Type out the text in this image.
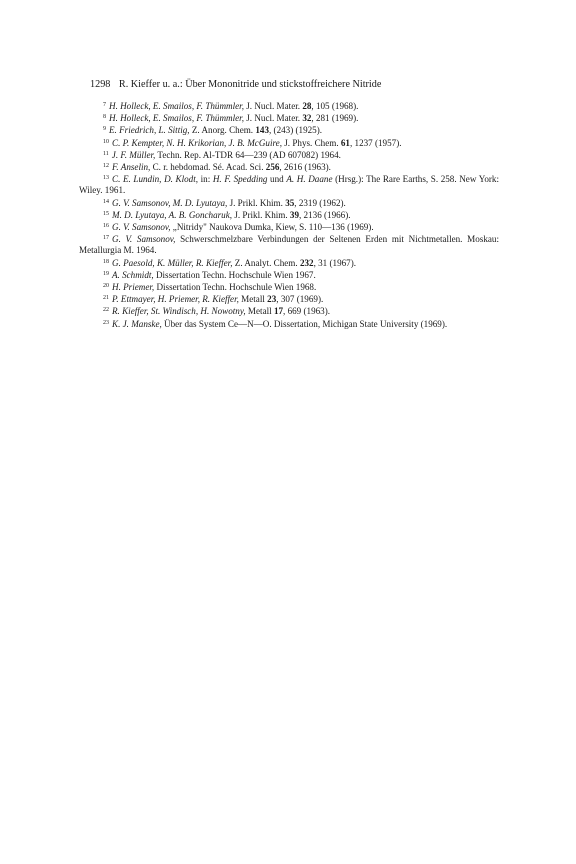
1298 R. Kieffer u. a.: Über Mononitride und stickstoffreichere Nitride

$^7$ H. Holleck, E. Smailos, F. Thümmler, J. Nucl. Mater. 28, 105 (1968).

$^8$ H. Holleck, E. Smailos, F. Thümmler, J. Nucl. Mater. 32, 281 (1969).

$^9$ E. Friedrich, L. Sittig, Z. Anorg. Chem. 143, (243) (1925).

$^{10}$ C. P. Kempter, N. H. Krikorian, J. B. McGuire, J. Phys. Chem. 61, 1237 (1957).

$^{11}$ J. F. Müller, Techn. Rep. Al-TDR 64—239 (AD 607082) 1964.

$^{12}$ F. Anselin, C. r. hebdomad. Sé. Acad. Sci. 256, 2616 (1963).

$^{13}$ C. E. Lundin, D. Klodt, in: H. F. Spedding und A. H. Daane (Hrsg.): The Rare Earths, S. 258. New York: Wiley. 1961.

$^{14}$ G. V. Samsonov, M. D. Lyutaya, J. Prikl. Khim. 35, 2319 (1962).

$^{15}$ M. D. Lyutaya, A. B. Goncharuk, J. Prikl. Khim. 39, 2136 (1966).

$^{16}$ G. V. Samsonov, „Nitridy" Naukova Dumka, Kiew, S. 110—136 (1969).

$^{17}$ G. V. Samsonov, Schwerschmelzbare Verbindungen der Seltenen Erden mit Nichtmetallen. Moskau: Metallurgia M. 1964.

$^{18}$ G. Paesold, K. Müller, R. Kieffer, Z. Analyt. Chem. 232, 31 (1967).

$^{19}$ A. Schmidt, Dissertation Techn. Hochschule Wien 1967.

$^{20}$ H. Priemer, Dissertation Techn. Hochschule Wien 1968.

$^{21}$ P. Ettmayer, H. Priemer, R. Kieffer, Metall 23, 307 (1969).

$^{22}$ R. Kieffer, St. Windisch, H. Nowotny, Metall 17, 669 (1963).

$^{23}$ K. J. Manske, Über das System Ce—N—O. Dissertation, Michigan State University (1969).
